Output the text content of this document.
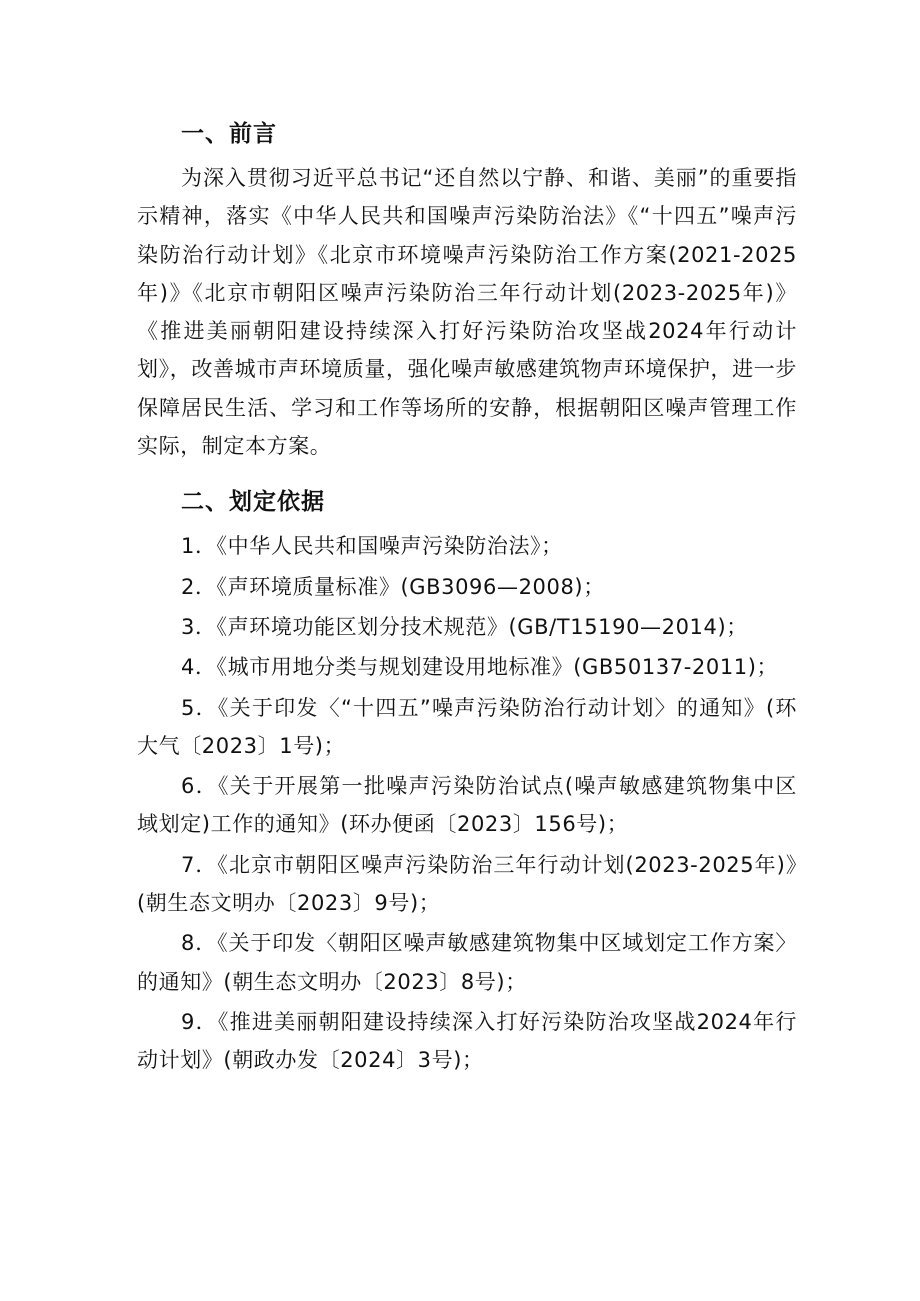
一、前言

为深入贯彻习近平总书记“还自然以宁静、和谐、美丽”的重要指示精神，落实《中华人民共和国噪声污染防治法》《“十四五”噪声污染防治行动计划》《北京市环境噪声污染防治工作方案(2021-2025年)》《北京市朝阳区噪声污染防治三年行动计划(2023-2025年)》《推进美丽朝阳建设持续深入打好污染防治攻坚战2024年行动计划》，改善城市声环境质量，强化噪声敏感建筑物声环境保护，进一步保障居民生活、学习和工作等场所的安静，根据朝阳区噪声管理工作实际，制定本方案。

二、划定依据

1．《中华人民共和国噪声污染防治法》；

2．《声环境质量标准》(GB3096—2008)；

3．《声环境功能区划分技术规范》(GB/T15190—2014)；

4．《城市用地分类与规划建设用地标准》(GB50137-2011)；

5．《关于印发〈“十四五”噪声污染防治行动计划〉的通知》(环大气〔2023〕1号)；

6．《关于开展第一批噪声污染防治试点(噪声敏感建筑物集中区域划定)工作的通知》(环办便函〔2023〕156号)；

7．《北京市朝阳区噪声污染防治三年行动计划(2023-2025年)》(朝生态文明办〔2023〕9号)；

8．《关于印发〈朝阳区噪声敏感建筑物集中区域划定工作方案〉的通知》(朝生态文明办〔2023〕8号)；

9．《推进美丽朝阳建设持续深入打好污染防治攻坚战2024年行动计划》(朝政办发〔2024〕3号)；
